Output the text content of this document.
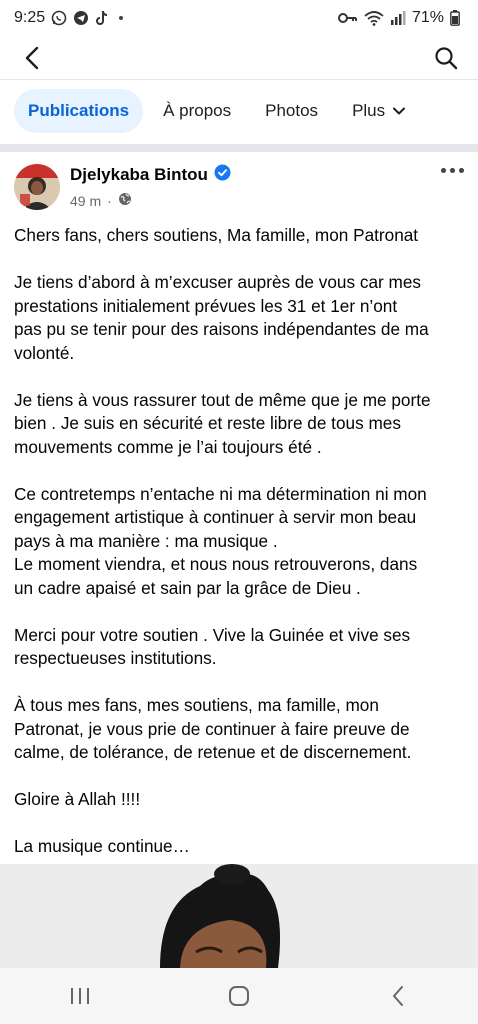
9:25	71%
Publications À propos Photos Plus
Djelykaba Bintou
49 m ·
Chers fans, chers soutiens, Ma famille, mon Patronat
Je tiens d’abord à m’excuser auprès de vous car mes
prestations initialement prévues les 31 et 1er n’ont
pas pu se tenir pour des raisons indépendantes de ma
volonté.
Je tiens à vous rassurer tout de même que je me porte
bien . Je suis en sécurité et reste libre de tous mes
mouvements comme je l’ai toujours été .
Ce contretemps n’entache ni ma détermination ni mon
engagement artistique à continuer à servir mon beau
pays à ma manière : ma musique .
Le moment viendra, et nous nous retrouverons, dans
un cadre apaisé et sain par la grâce de Dieu .
Merci pour votre soutien . Vive la Guinée et vive ses
respectueuses institutions.
À tous mes fans, mes soutiens, ma famille, mon
Patronat, je vous prie de continuer à faire preuve de
calme, de tolérance, de retenue et de discernement.
Gloire à Allah !!!!
La musique continue…
